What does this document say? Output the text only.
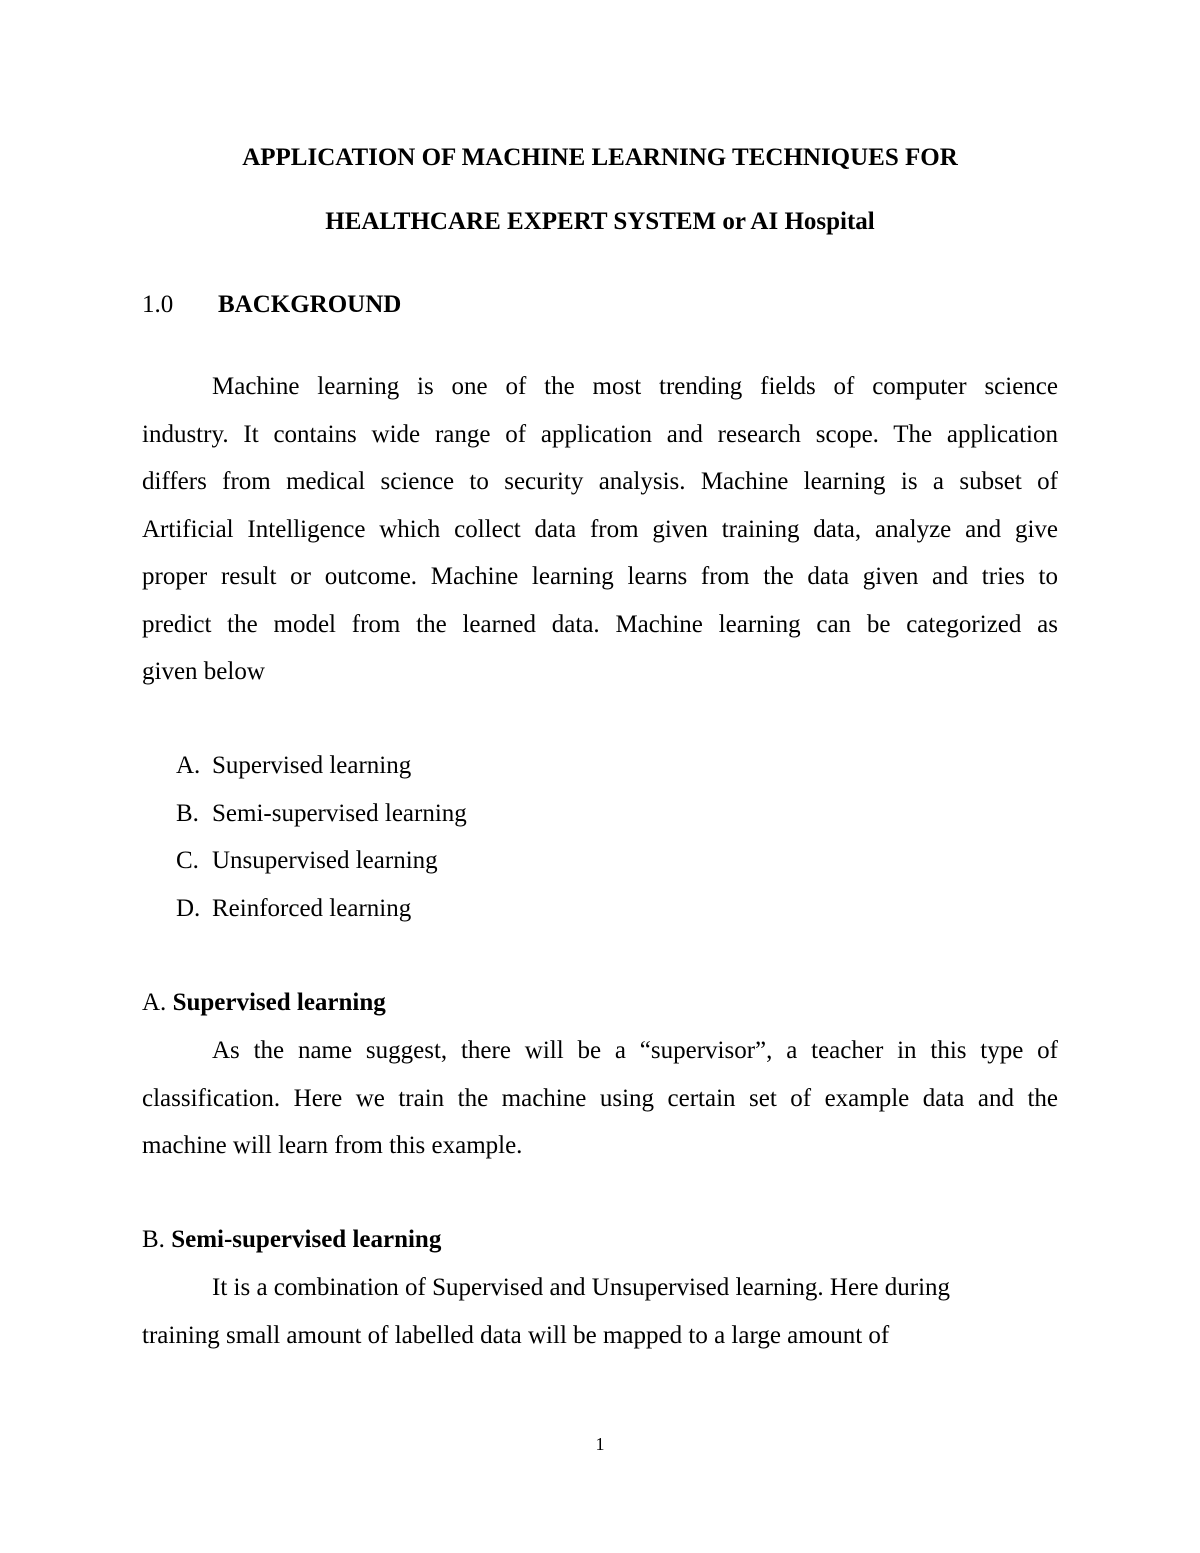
APPLICATION OF MACHINE LEARNING TECHNIQUES FOR
HEALTHCARE EXPERT SYSTEM or AI Hospital
1.0 BACKGROUND
Machine learning is one of the most trending fields of computer science
industry. It contains wide range of application and research scope. The application
differs from medical science to security analysis. Machine learning is a subset of
Artificial Intelligence which collect data from given training data, analyze and give
proper result or outcome. Machine learning learns from the data given and tries to
predict the model from the learned data. Machine learning can be categorized as
given below
A. Supervised learning
B. Semi-supervised learning
C. Unsupervised learning
D. Reinforced learning
A. Supervised learning
As the name suggest, there will be a “supervisor”, a teacher in this type of
classification. Here we train the machine using certain set of example data and the
machine will learn from this example.
B. Semi-supervised learning
It is a combination of Supervised and Unsupervised learning. Here during
training small amount of labelled data will be mapped to a large amount of
1
